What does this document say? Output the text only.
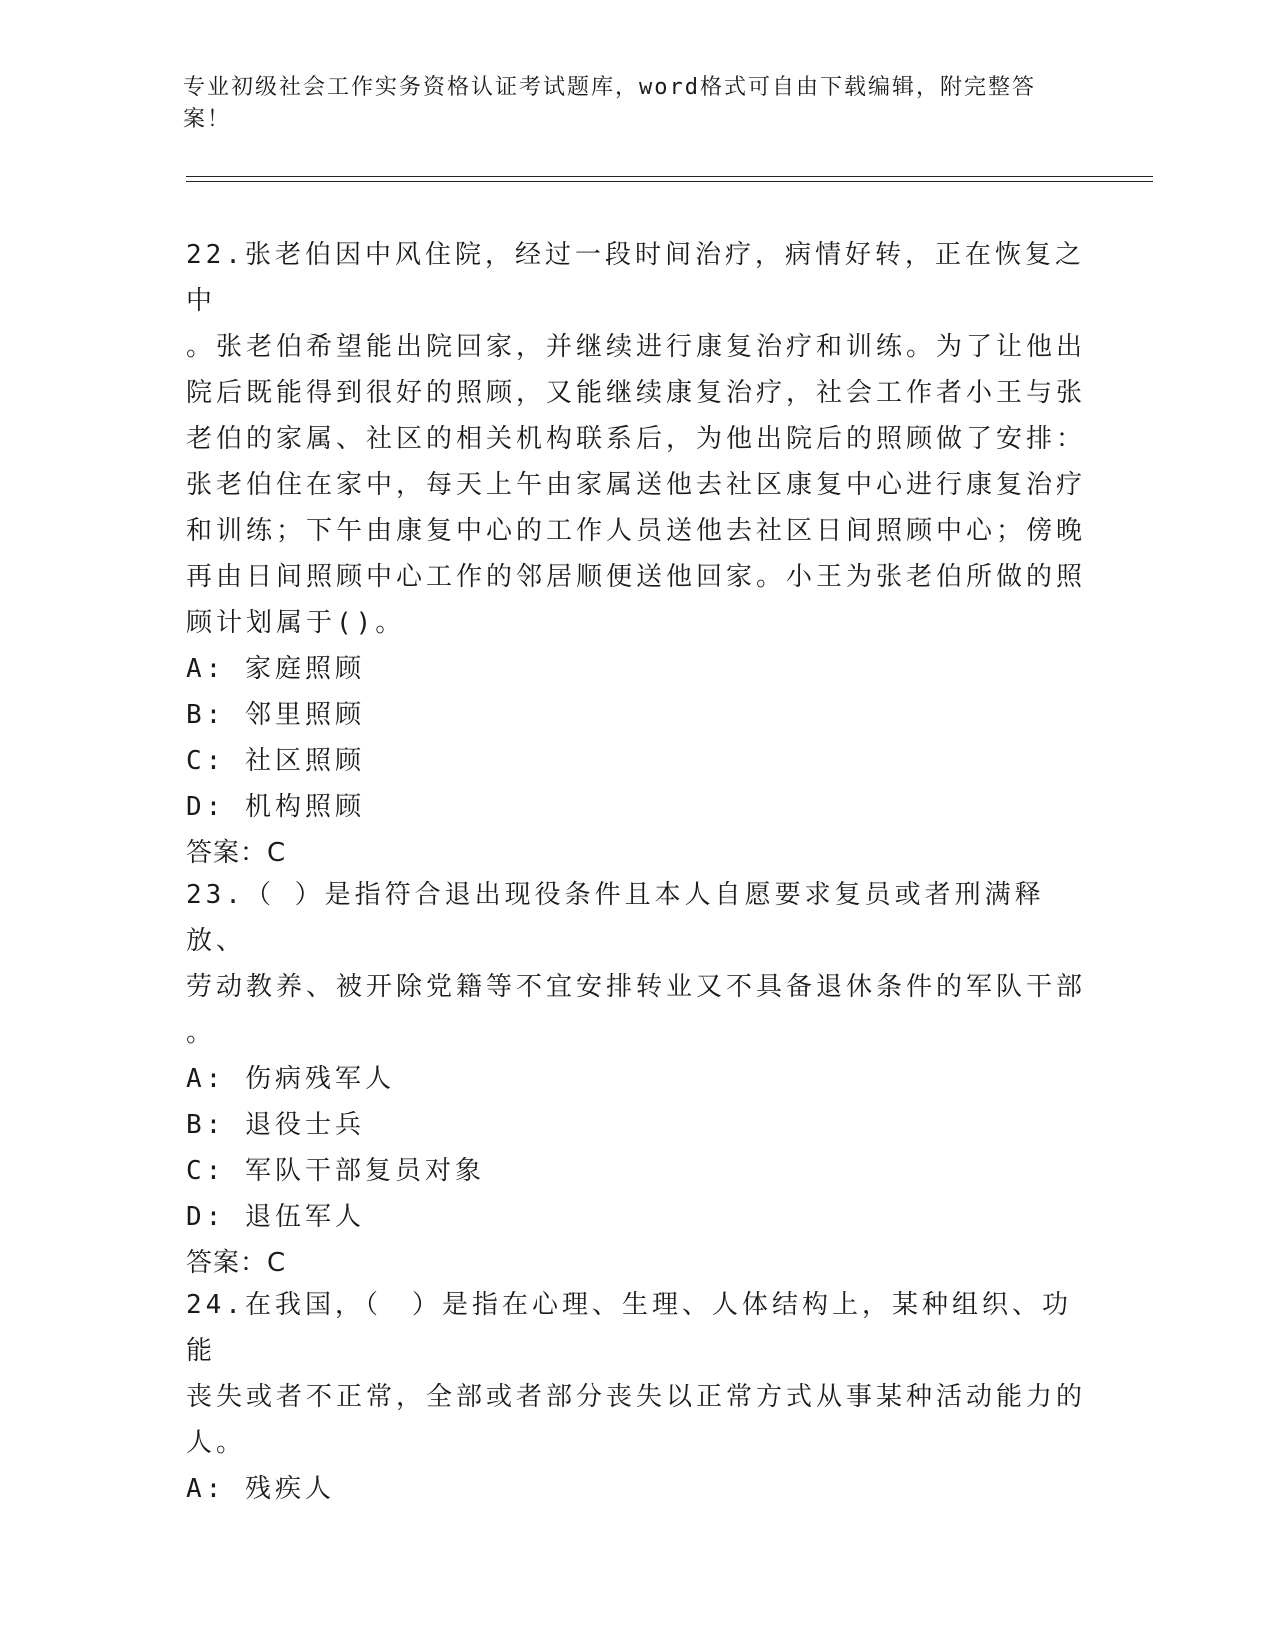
专业初级社会工作实务资格认证考试题库，word格式可自由下载编辑，附完整答案！

22.张老伯因中风住院，经过一段时间治疗，病情好转，正在恢复之中
。张老伯希望能出院回家，并继续进行康复治疗和训练。为了让他出
院后既能得到很好的照顾，又能继续康复治疗，社会工作者小王与张
老伯的家属、社区的相关机构联系后，为他出院后的照顾做了安排：
张老伯住在家中，每天上午由家属送他去社区康复中心进行康复治疗
和训练；下午由康复中心的工作人员送他去社区日间照顾中心；傍晚
再由日间照顾中心工作的邻居顺便送他回家。小王为张老伯所做的照
顾计划属于()。

A: 家庭照顾

B: 邻里照顾

C: 社区照顾

D: 机构照顾

答案：C

23.（ ）是指符合退出现役条件且本人自愿要求复员或者刑满释放、
劳动教养、被开除党籍等不宜安排转业又不具备退休条件的军队干部
。

A: 伤病残军人

B: 退役士兵

C: 军队干部复员对象

D: 退伍军人

答案：C

24.在我国，（　）是指在心理、生理、人体结构上，某种组织、功能
丧失或者不正常，全部或者部分丧失以正常方式从事某种活动能力的
人。

A: 残疾人
